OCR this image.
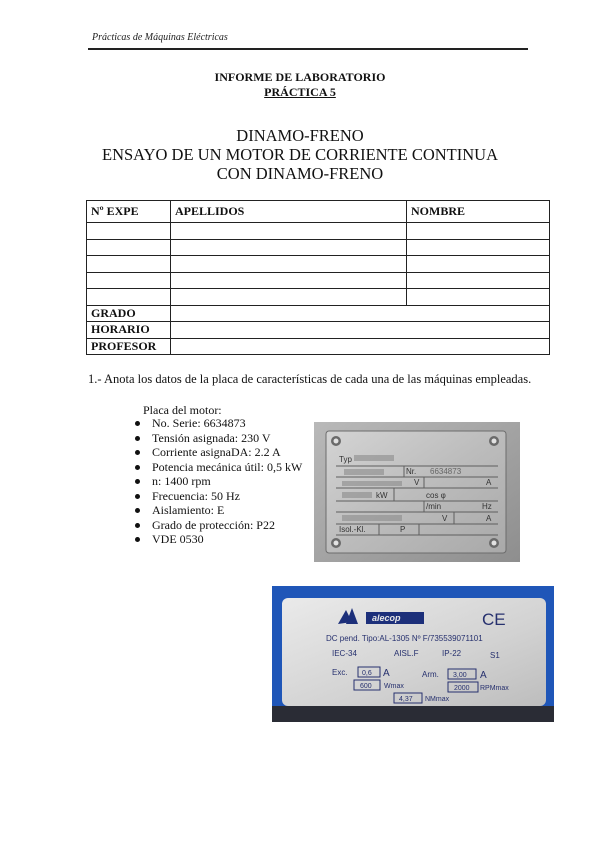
Prácticas de Máquinas Eléctricas
INFORME DE LABORATORIO
PRÁCTICA 5
DINAMO-FRENO
ENSAYO DE UN MOTOR DE CORRIENTE CONTINUA
CON DINAMO-FRENO
Nº EXPE	APELLIDOS	NOMBRE

GRADO		
HORARIO		
PROFESOR		
1.- Anota los datos de la placa de características de cada una de las máquinas empleadas.
Placa del motor:
No. Serie: 6634873
Tensión asignada: 230 V
Corriente asignaDA: 2.2 A
Potencia mecánica útil: 0,5 kW
n: 1400 rpm
Frecuencia: 50 Hz
Aislamiento: E
Grado de protección: P22
VDE 0530
Typ
Nr. 6634873
V	A
kW	cos φ
/min	Hz
V	A
Isol.-Kl.	P
alecop	CE
DC pend. Tipo:AL-1305 Nº F/735539071101
IEC-34	AISL.F	IP-22	S1
Exc. 0,6 A	Arm. 3,00 A
600 Wmax	2000 RPMmax
4,37 NMmax
